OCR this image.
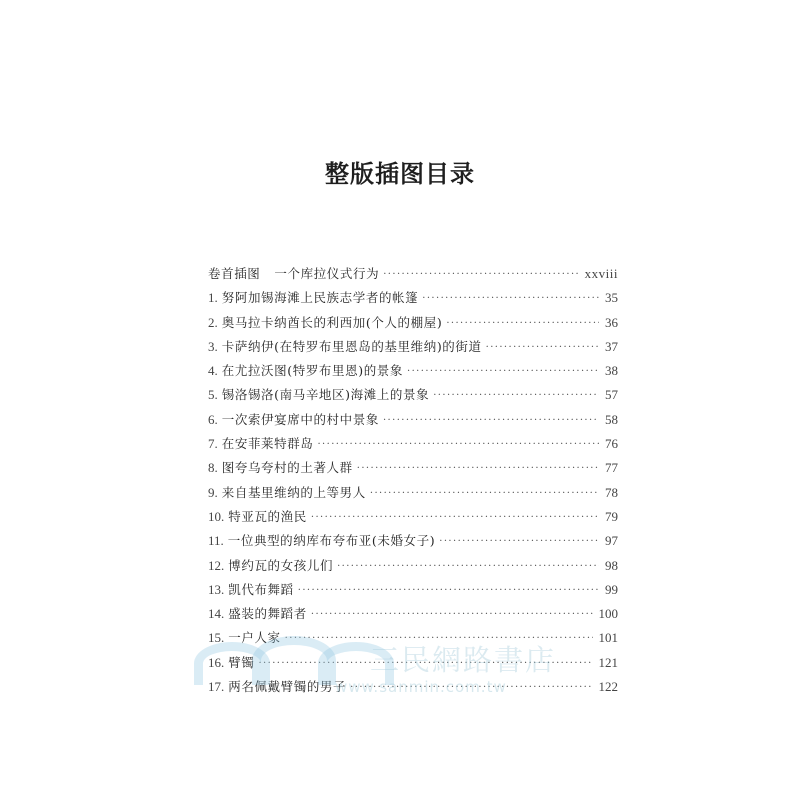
整版插图目录
卷首插图 一个库拉仪式行为 ·····	xxviii
1. 努阿加锡海滩上民族志学者的帐篷 ·····	35
2. 奥马拉卡纳酋长的利西加(个人的棚屋) ·····	36
3. 卡萨纳伊(在特罗布里恩岛的基里维纳)的街道 ·····	37
4. 在尤拉沃图(特罗布里恩)的景象 ·····	38
5. 锡洛锡洛(南马辛地区)海滩上的景象 ·····	57
6. 一次索伊宴席中的村中景象 ·····	58
7. 在安菲莱特群岛 ·····	76
8. 图夸乌夸村的土著人群 ·····	77
9. 来自基里维纳的上等男人 ·····	78
10. 特亚瓦的渔民 ·····	79
11. 一位典型的纳库布夸布亚(未婚女子) ·····	97
12. 博约瓦的女孩儿们 ·····	98
13. 凯代布舞蹈 ·····	99
14. 盛装的舞蹈者 ·····	100
15. 一户人家 ·····	101
16. 臂镯 ·····	121
17. 两名佩戴臂镯的男子 ·····	122
三民網路書店
www.sanmin.com.tw
